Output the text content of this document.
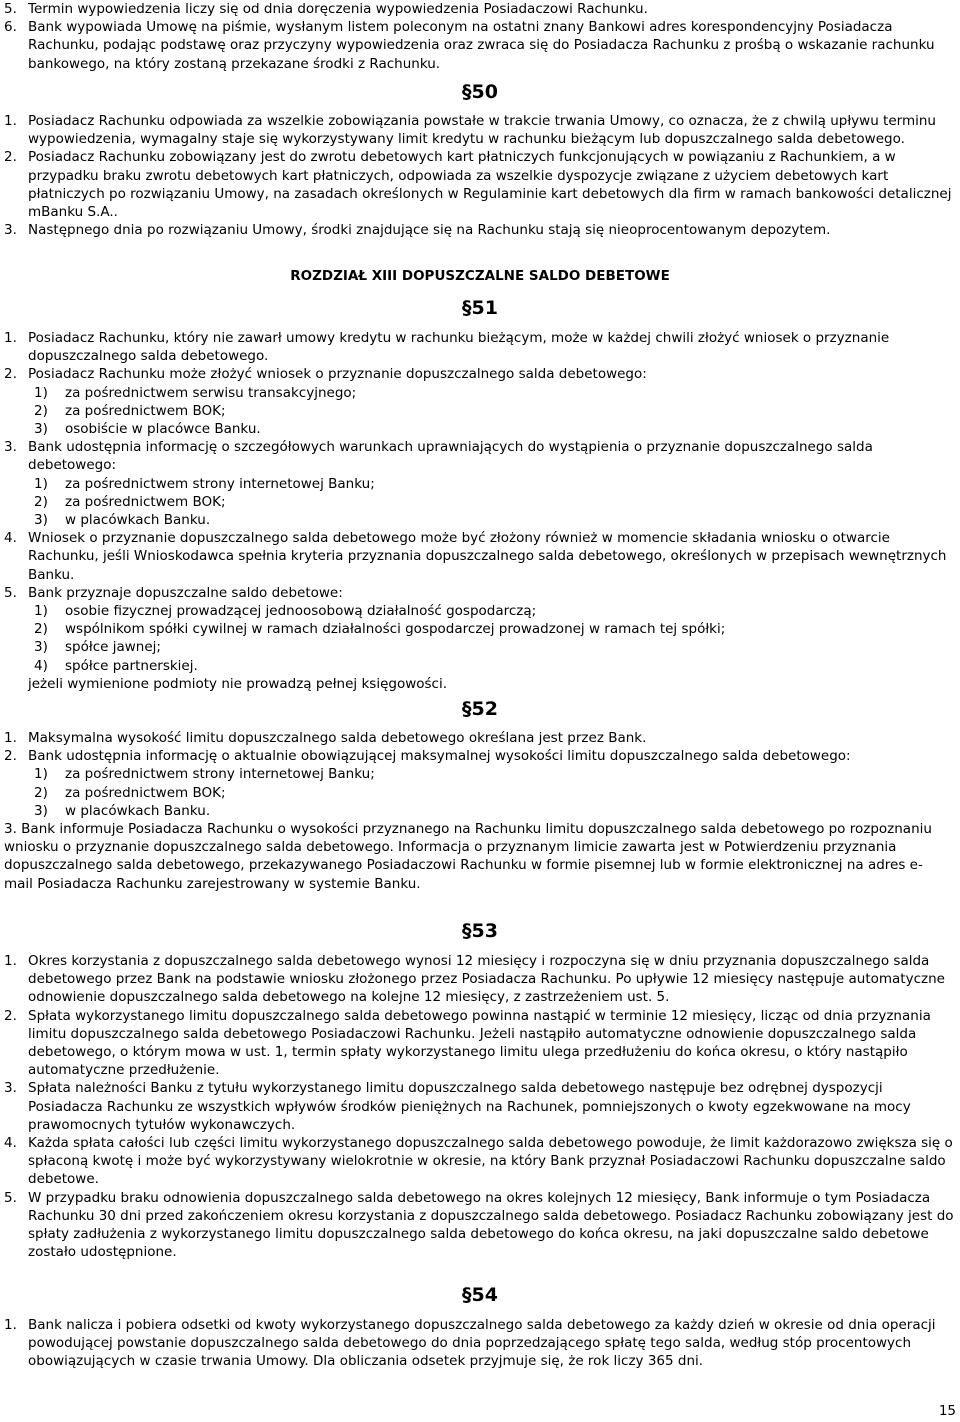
5. Termin wypowiedzenia liczy się od dnia doręczenia wypowiedzenia Posiadaczowi Rachunku.

6. Bank wypowiada Umowę na piśmie, wysłanym listem poleconym na ostatni znany Bankowi adres korespondencyjny Posiadacza Rachunku, podając podstawę oraz przyczyny wypowiedzenia oraz zwraca się do Posiadacza Rachunku z prośbą o wskazanie rachunku bankowego, na który zostaną przekazane środki z Rachunku.

§50

1. Posiadacz Rachunku odpowiada za wszelkie zobowiązania powstałe w trakcie trwania Umowy, co oznacza, że z chwilą upływu terminu wypowiedzenia, wymagalny staje się wykorzystywany limit kredytu w rachunku bieżącym lub dopuszczalnego salda debetowego.

2. Posiadacz Rachunku zobowiązany jest do zwrotu debetowych kart płatniczych funkcjonujących w powiązaniu z Rachunkiem, a w przypadku braku zwrotu debetowych kart płatniczych, odpowiada za wszelkie dyspozycje związane z użyciem debetowych kart płatniczych po rozwiązaniu Umowy, na zasadach określonych w Regulaminie kart debetowych dla firm w ramach bankowości detalicznej mBanku S.A..

3. Następnego dnia po rozwiązaniu Umowy, środki znajdujące się na Rachunku stają się nieoprocentowanym depozytem.

ROZDZIAŁ XIII DOPUSZCZALNE SALDO DEBETOWE
§51

1. Posiadacz Rachunku, który nie zawarł umowy kredytu w rachunku bieżącym, może w każdej chwili złożyć wniosek o przyznanie dopuszczalnego salda debetowego.

2. Posiadacz Rachunku może złożyć wniosek o przyznanie dopuszczalnego salda debetowego:

1) za pośrednictwem serwisu transakcyjnego;

2) za pośrednictwem BOK;

3) osobiście w placówce Banku.

3. Bank udostępnia informację o szczegółowych warunkach uprawniających do wystąpienia o przyznanie dopuszczalnego salda debetowego:

1) za pośrednictwem strony internetowej Banku;

2) za pośrednictwem BOK;

3) w placówkach Banku.

4. Wniosek o przyznanie dopuszczalnego salda debetowego może być złożony również w momencie składania wniosku o otwarcie Rachunku, jeśli Wnioskodawca spełnia kryteria przyznania dopuszczalnego salda debetowego, określonych w przepisach wewnętrznych Banku.

5. Bank przyznaje dopuszczalne saldo debetowe:

1) osobie fizycznej prowadzącej jednoosobową działalność gospodarczą;

2) wspólnikom spółki cywilnej w ramach działalności gospodarczej prowadzonej w ramach tej spółki;

3) spółce jawnej;

4) spółce partnerskiej.

jeżeli wymienione podmioty nie prowadzą pełnej księgowości.

§52

1. Maksymalna wysokość limitu dopuszczalnego salda debetowego określana jest przez Bank.

2. Bank udostępnia informację o aktualnie obowiązującej maksymalnej wysokości limitu dopuszczalnego salda debetowego:

1) za pośrednictwem strony internetowej Banku;

2) za pośrednictwem BOK;

3) w placówkach Banku.

3. Bank informuje Posiadacza Rachunku o wysokości przyznanego na Rachunku limitu dopuszczalnego salda debetowego po rozpoznaniu wniosku o przyznanie dopuszczalnego salda debetowego. Informacja o przyznanym limicie zawarta jest w Potwierdzeniu przyznania dopuszczalnego salda debetowego, przekazywanego Posiadaczowi Rachunku w formie pisemnej lub w formie elektronicznej na adres e-mail Posiadacza Rachunku zarejestrowany w systemie Banku.

§53

1. Okres korzystania z dopuszczalnego salda debetowego wynosi 12 miesięcy i rozpoczyna się w dniu przyznania dopuszczalnego salda debetowego przez Bank na podstawie wniosku złożonego przez Posiadacza Rachunku. Po upływie 12 miesięcy następuje automatyczne odnowienie dopuszczalnego salda debetowego na kolejne 12 miesięcy, z zastrzeżeniem ust. 5.

2. Spłata wykorzystanego limitu dopuszczalnego salda debetowego powinna nastąpić w terminie 12 miesięcy, licząc od dnia przyznania limitu dopuszczalnego salda debetowego Posiadaczowi Rachunku. Jeżeli nastąpiło automatyczne odnowienie dopuszczalnego salda debetowego, o którym mowa w ust. 1, termin spłaty wykorzystanego limitu ulega przedłużeniu do końca okresu, o który nastąpiło automatyczne przedłużenie.

3. Spłata należności Banku z tytułu wykorzystanego limitu dopuszczalnego salda debetowego następuje bez odrębnej dyspozycji Posiadacza Rachunku ze wszystkich wpływów środków pieniężnych na Rachunek, pomniejszonych o kwoty egzekwowane na mocy prawomocnych tytułów wykonawczych.

4. Każda spłata całości lub części limitu wykorzystanego dopuszczalnego salda debetowego powoduje, że limit każdorazowo zwiększa się o spłaconą kwotę i może być wykorzystywany wielokrotnie w okresie, na który Bank przyznał Posiadaczowi Rachunku dopuszczalne saldo debetowe.

5. W przypadku braku odnowienia dopuszczalnego salda debetowego na okres kolejnych 12 miesięcy, Bank informuje o tym Posiadacza Rachunku 30 dni przed zakończeniem okresu korzystania z dopuszczalnego salda debetowego. Posiadacz Rachunku zobowiązany jest do spłaty zadłużenia z wykorzystanego limitu dopuszczalnego salda debetowego do końca okresu, na jaki dopuszczalne saldo debetowe zostało udostępnione.

§54

1. Bank nalicza i pobiera odsetki od kwoty wykorzystanego dopuszczalnego salda debetowego za każdy dzień w okresie od dnia operacji powodującej powstanie dopuszczalnego salda debetowego do dnia poprzedzającego spłatę tego salda, według stóp procentowych obowiązujących w czasie trwania Umowy. Dla obliczania odsetek przyjmuje się, że rok liczy 365 dni.

15
